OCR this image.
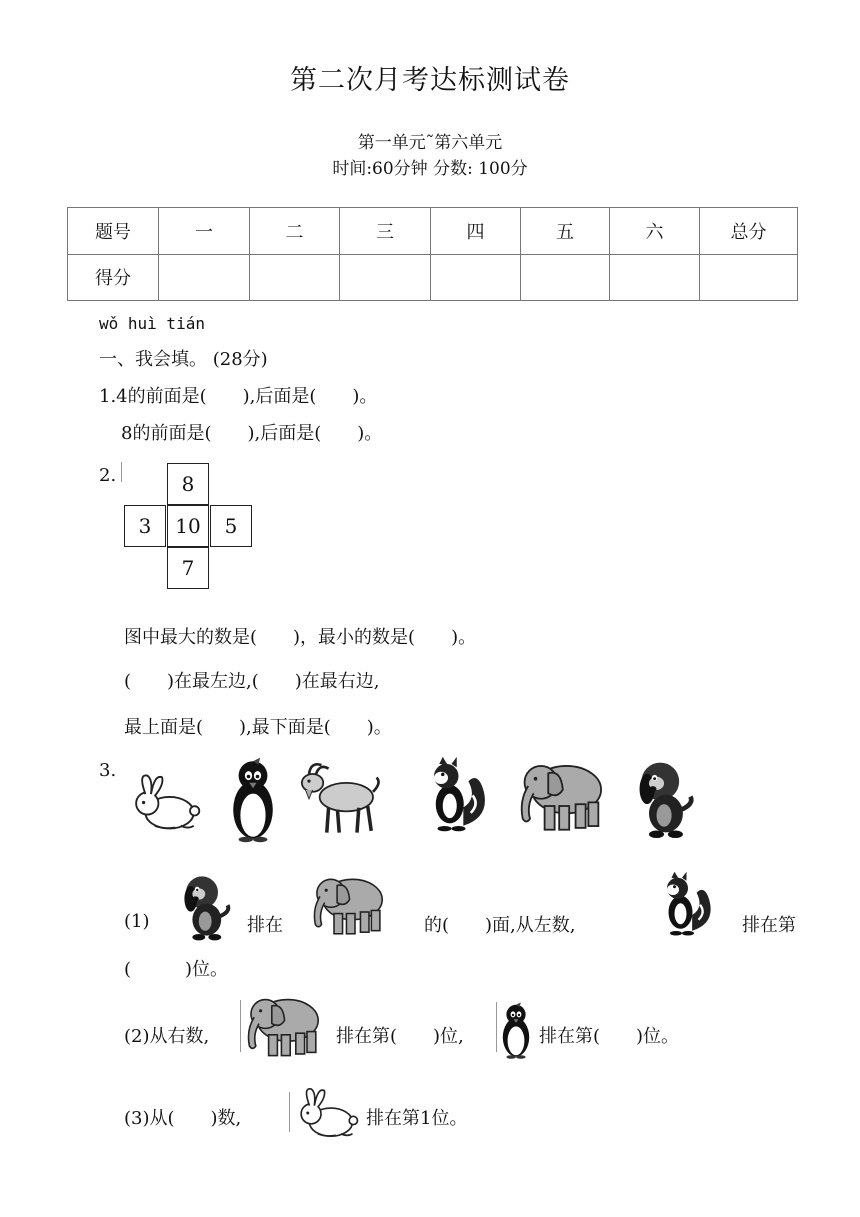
第二次月考达标测试卷
第一单元˜第六单元
时间:60分钟 分数: 100分
题号	一	二	三	四	五	六	总分
得分							
wǒ huì tián
一、我会填。 (28分)
1.4的前面是(　　),后面是(　　)。
8的前面是(　　),后面是(　　)。
2.	8
3	10	5
7
图中最大的数是(　　)，最小的数是(　　)。
(　　)在最左边,(　　)在最右边,
最上面是(　　),最下面是(　　)。
3.
(1)	排在	的(　　)面,从左数,	排在第
(　　　)位。
(2)从右数,	排在第(　　)位,	排在第(　　)位。
(3)从(　　)数,	排在第1位。
